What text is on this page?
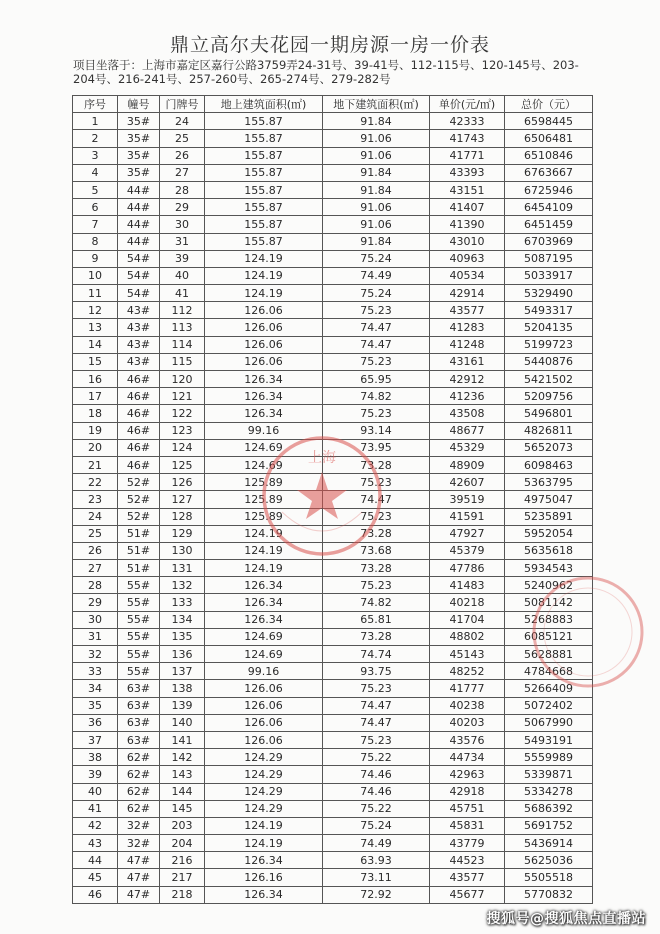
鼎立高尔夫花园一期房源一房一价表
项目坐落于：上海市嘉定区嘉行公路3759弄24-31号、39-41号、112-115号、120-145号、203-204号、216-241号、257-260号、265-274号、279-282号
序号	幢号	门牌号	地上建筑面积(㎡)	地下建筑面积(㎡)	单价(元/㎡)	总价（元）
1	35#	24	155.87	91.84	42333	6598445
2	35#	25	155.87	91.06	41743	6506481
3	35#	26	155.87	91.06	41771	6510846
4	35#	27	155.87	91.84	43393	6763667
5	44#	28	155.87	91.84	43151	6725946
6	44#	29	155.87	91.06	41407	6454109
7	44#	30	155.87	91.06	41390	6451459
8	44#	31	155.87	91.84	43010	6703969
9	54#	39	124.19	75.24	40963	5087195
10	54#	40	124.19	74.49	40534	5033917
11	54#	41	124.19	75.24	42914	5329490
12	43#	112	126.06	75.23	43577	5493317
13	43#	113	126.06	74.47	41283	5204135
14	43#	114	126.06	74.47	41248	5199723
15	43#	115	126.06	75.23	43161	5440876
16	46#	120	126.34	65.95	42912	5421502
17	46#	121	126.34	74.82	41236	5209756
18	46#	122	126.34	75.23	43508	5496801
19	46#	123	99.16	93.14	48677	4826811
20	46#	124	124.69	73.95	45329	5652073
21	46#	125	124.69	73.28	48909	6098463
22	52#	126	125.89	75.23	42607	5363795
23	52#	127	125.89	74.47	39519	4975047
24	52#	128	125.89	75.23	41591	5235891
25	51#	129	124.19	73.28	47927	5952054
26	51#	130	124.19	73.68	45379	5635618
27	51#	131	124.19	73.28	47786	5934543
28	55#	132	126.34	75.23	41483	5240962
29	55#	133	126.34	74.82	40218	5081142
30	55#	134	126.34	65.81	41704	5268883
31	55#	135	124.69	73.28	48802	6085121
32	55#	136	124.69	74.74	45143	5628881
33	55#	137	99.16	93.75	48252	4784668
34	63#	138	126.06	75.23	41777	5266409
35	63#	139	126.06	74.47	40238	5072402
36	63#	140	126.06	74.47	40203	5067990
37	63#	141	126.06	75.23	43576	5493191
38	62#	142	124.29	75.22	44734	5559989
39	62#	143	124.29	74.46	42963	5339871
40	62#	144	124.29	74.46	42918	5334278
41	62#	145	124.29	75.22	45751	5686392
42	32#	203	124.19	75.24	45831	5691752
43	32#	204	124.19	74.49	43779	5436914
44	47#	216	126.34	63.93	44523	5625036
45	47#	217	126.16	73.11	43577	5505518
46	47#	218	126.34	72.92	45677	5770832
上海
搜狐号@搜狐焦点直播站
